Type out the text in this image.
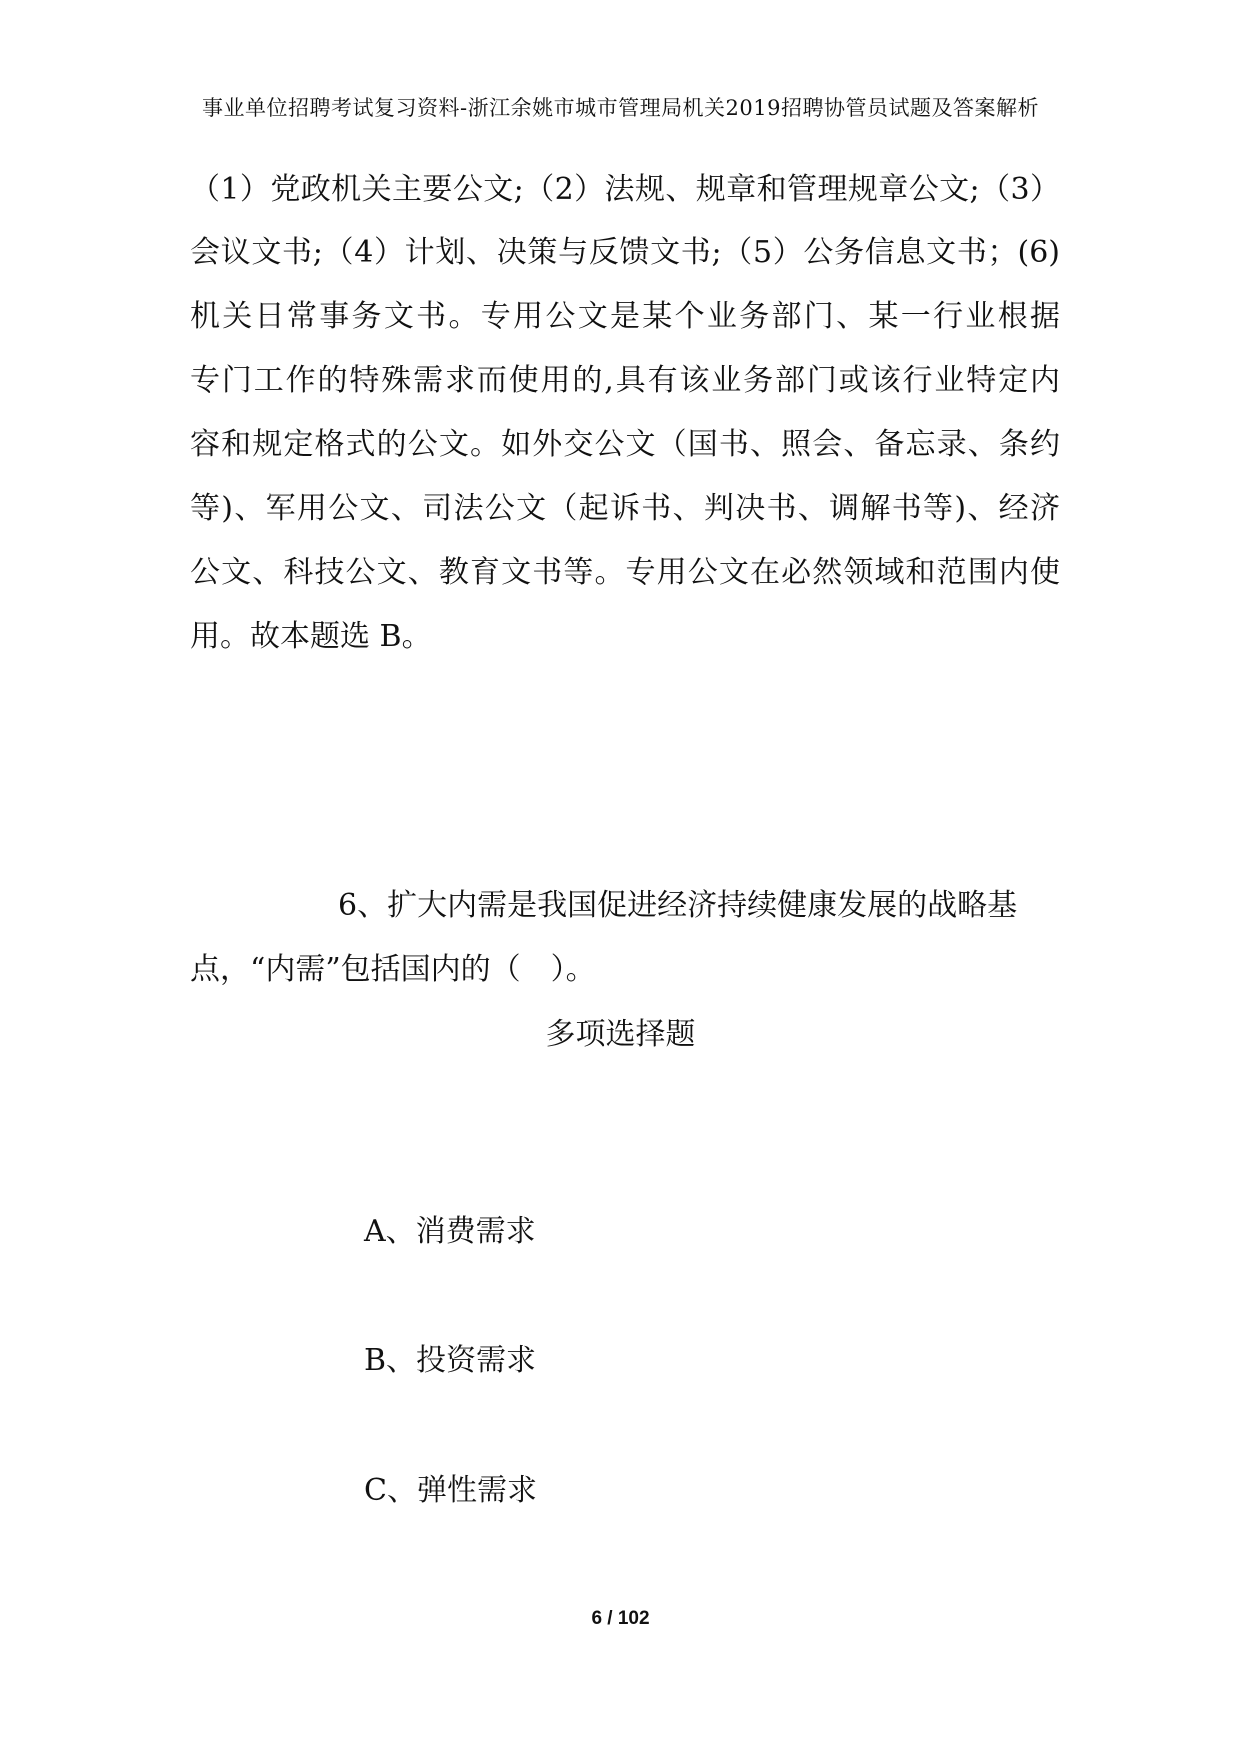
事业单位招聘考试复习资料-浙江余姚市城市管理局机关2019招聘协管员试题及答案解析
（1）党政机关主要公文;（2）法规、规章和管理规章公文;（3）
会议文书;（4）计划、决策与反馈文书;（5）公务信息文书；(6)
机关日常事务文书。专用公文是某个业务部门、某一行业根据
专门工作的特殊需求而使用的,具有该业务部门或该行业特定内
容和规定格式的公文。如外交公文（国书、照会、备忘录、条约
等)、军用公文、司法公文（起诉书、判决书、调解书等)、经济
公文、科技公文、教育文书等。专用公文在必然领域和范围内使
用。故本题选 B。
6、扩大内需是我国促进经济持续健康发展的战略基
点，“内需”包括国内的（　）。
多项选择题
A、消费需求
B、投资需求
C、弹性需求
6 / 102
